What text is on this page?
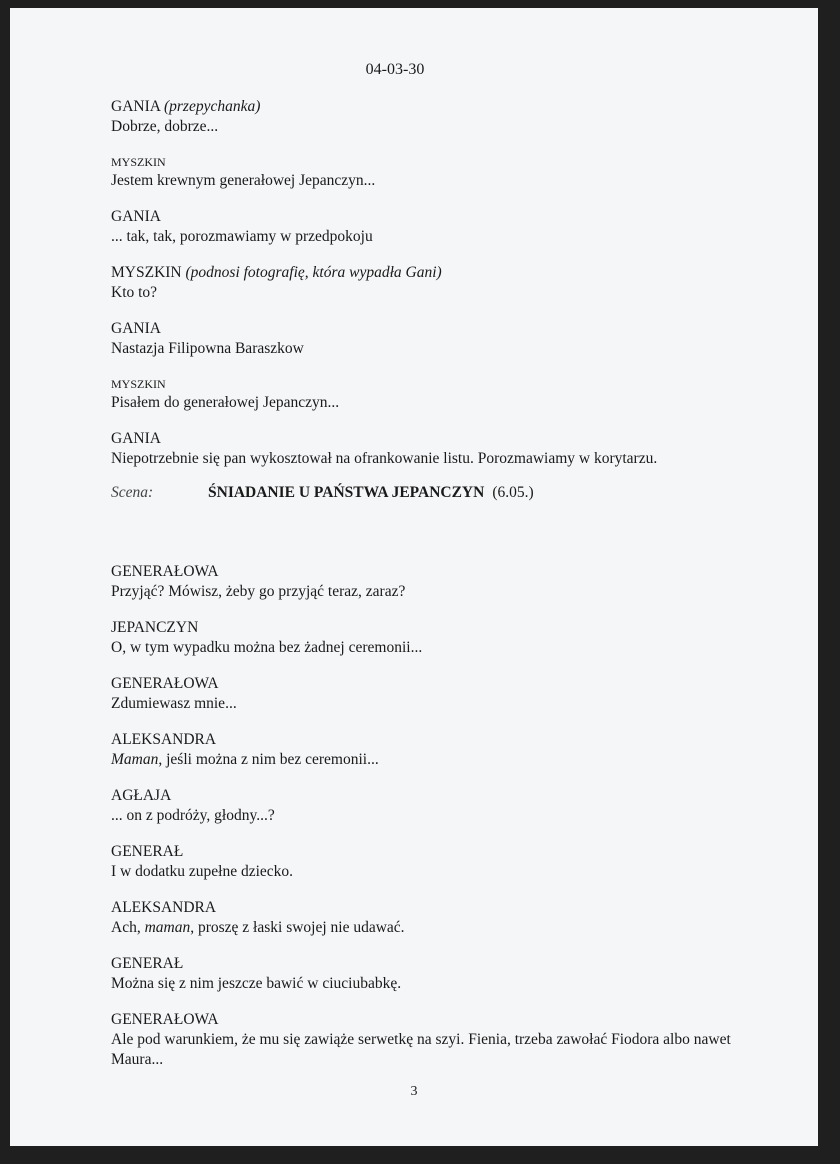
04-03-30
GANIA (przepychanka)
Dobrze, dobrze...
MYSZKIN
Jestem krewnym generałowej Jepanczyn...
GANIA
... tak, tak, porozmawiamy w przedpokoju
MYSZKIN (podnosi fotografię, która wypadła Gani)
Kto to?
GANIA
Nastazja Filipowna Baraszkow
MYSZKIN
Pisałem do generałowej Jepanczyn...
GANIA
Niepotrzebnie się pan wykosztował na ofrankowanie listu. Porozmawiamy w korytarzu.
Scena:	ŚNIADANIE U PAŃSTWA JEPANCZYN (6.05.)
GENERAŁOWA
Przyjąć? Mówisz, żeby go przyjąć teraz, zaraz?
JEPANCZYN
O, w tym wypadku można bez żadnej ceremonii...
GENERAŁOWA
Zdumiewasz mnie...
ALEKSANDRA
Maman, jeśli można z nim bez ceremonii...
AGŁAJA
... on z podróży, głodny...?
GENERAŁ
I w dodatku zupełne dziecko.
ALEKSANDRA
Ach, maman, proszę z łaski swojej nie udawać.
GENERAŁ
Można się z nim jeszcze bawić w ciuciubabkę.
GENERAŁOWA
Ale pod warunkiem, że mu się zawiąże serwetkę na szyi. Fienia, trzeba zawołać Fiodora albo nawet Maura...
3
